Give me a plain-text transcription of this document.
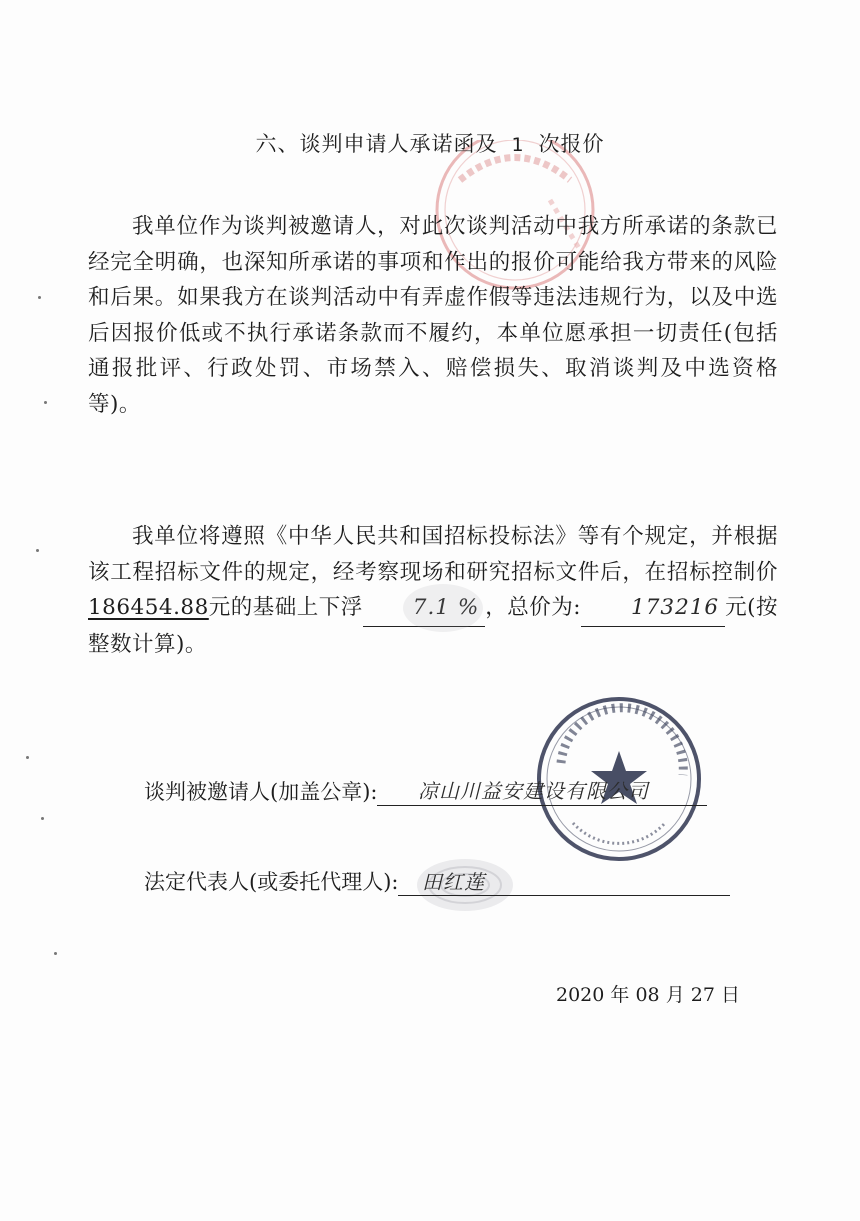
六、谈判申请人承诺函及 1 次报价
我单位作为谈判被邀请人，对此次谈判活动中我方所承诺的条款已经完全明确，也深知所承诺的事项和作出的报价可能给我方带来的风险和后果。如果我方在谈判活动中有弄虚作假等违法违规行为，以及中选后因报价低或不执行承诺条款而不履约，本单位愿承担一切责任(包括通报批评、行政处罚、市场禁入、赔偿损失、取消谈判及中选资格等)。
我单位将遵照《中华人民共和国招标投标法》等有个规定，并根据该工程招标文件的规定，经考察现场和研究招标文件后，在招标控制价186454.88元的基础上下浮 7.1 % ，总价为: 173216 元(按整数计算)。
谈判被邀请人(加盖公章):	凉山川益安建设有限公司
法定代表人(或委托代理人):	田红莲
2020 年 08 月 27 日
